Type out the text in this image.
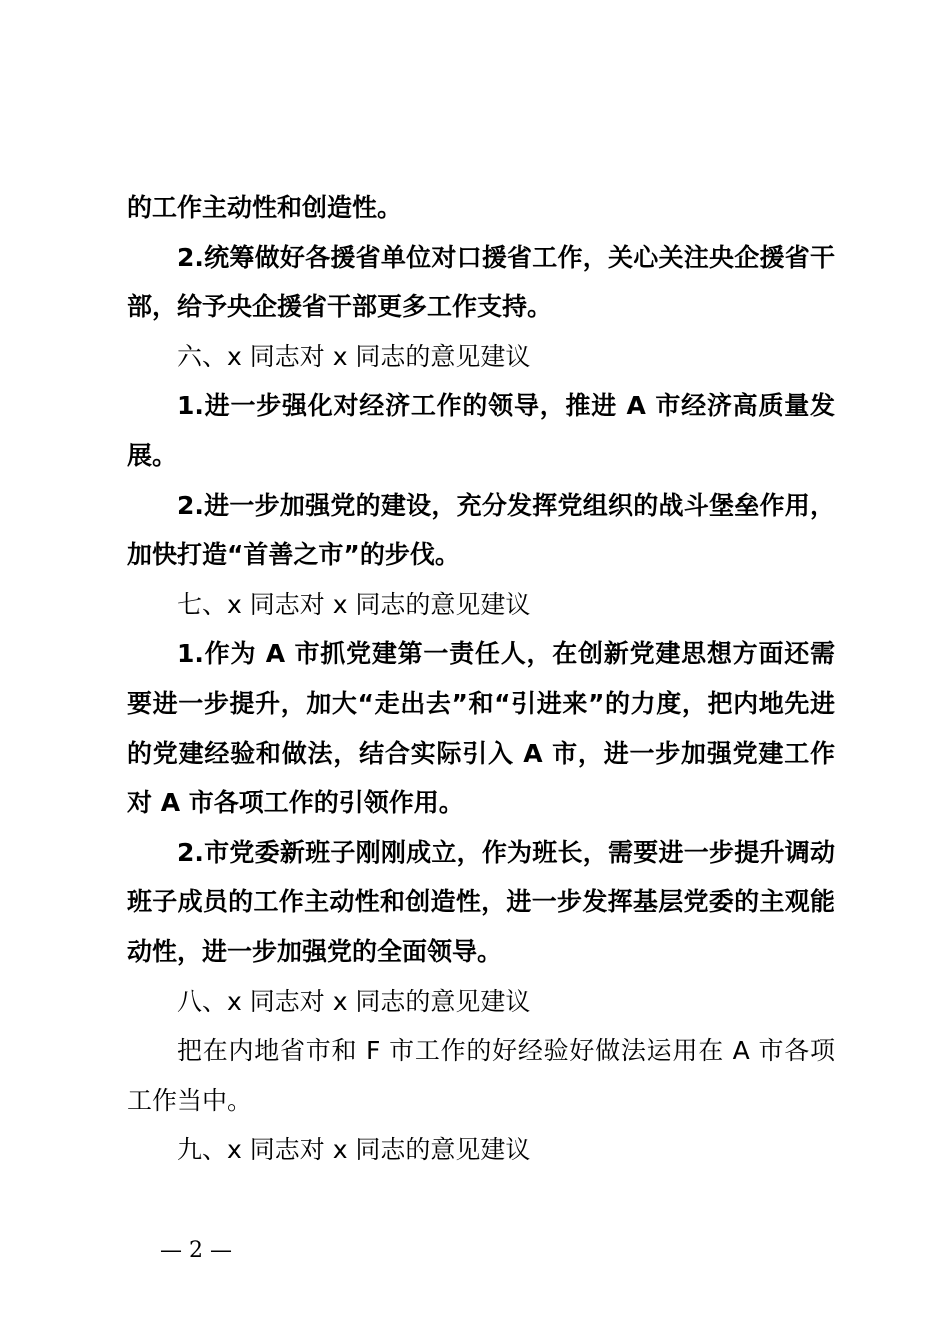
的工作主动性和创造性。

2.统筹做好各援省单位对口援省工作，关心关注央企援省干部，给予央企援省干部更多工作支持。

六、x 同志对 x 同志的意见建议

1.进一步强化对经济工作的领导，推进 A 市经济高质量发展。

2.进一步加强党的建设，充分发挥党组织的战斗堡垒作用，加快打造“首善之市”的步伐。

七、x 同志对 x 同志的意见建议

1.作为 A 市抓党建第一责任人，在创新党建思想方面还需要进一步提升，加大“走出去”和“引进来”的力度，把内地先进的党建经验和做法，结合实际引入 A 市，进一步加强党建工作对 A 市各项工作的引领作用。

2.市党委新班子刚刚成立，作为班长，需要进一步提升调动班子成员的工作主动性和创造性，进一步发挥基层党委的主观能动性，进一步加强党的全面领导。

八、x 同志对 x 同志的意见建议

把在内地省市和 F 市工作的好经验好做法运用在 A 市各项工作当中。

九、x 同志对 x 同志的意见建议

— 2 —
